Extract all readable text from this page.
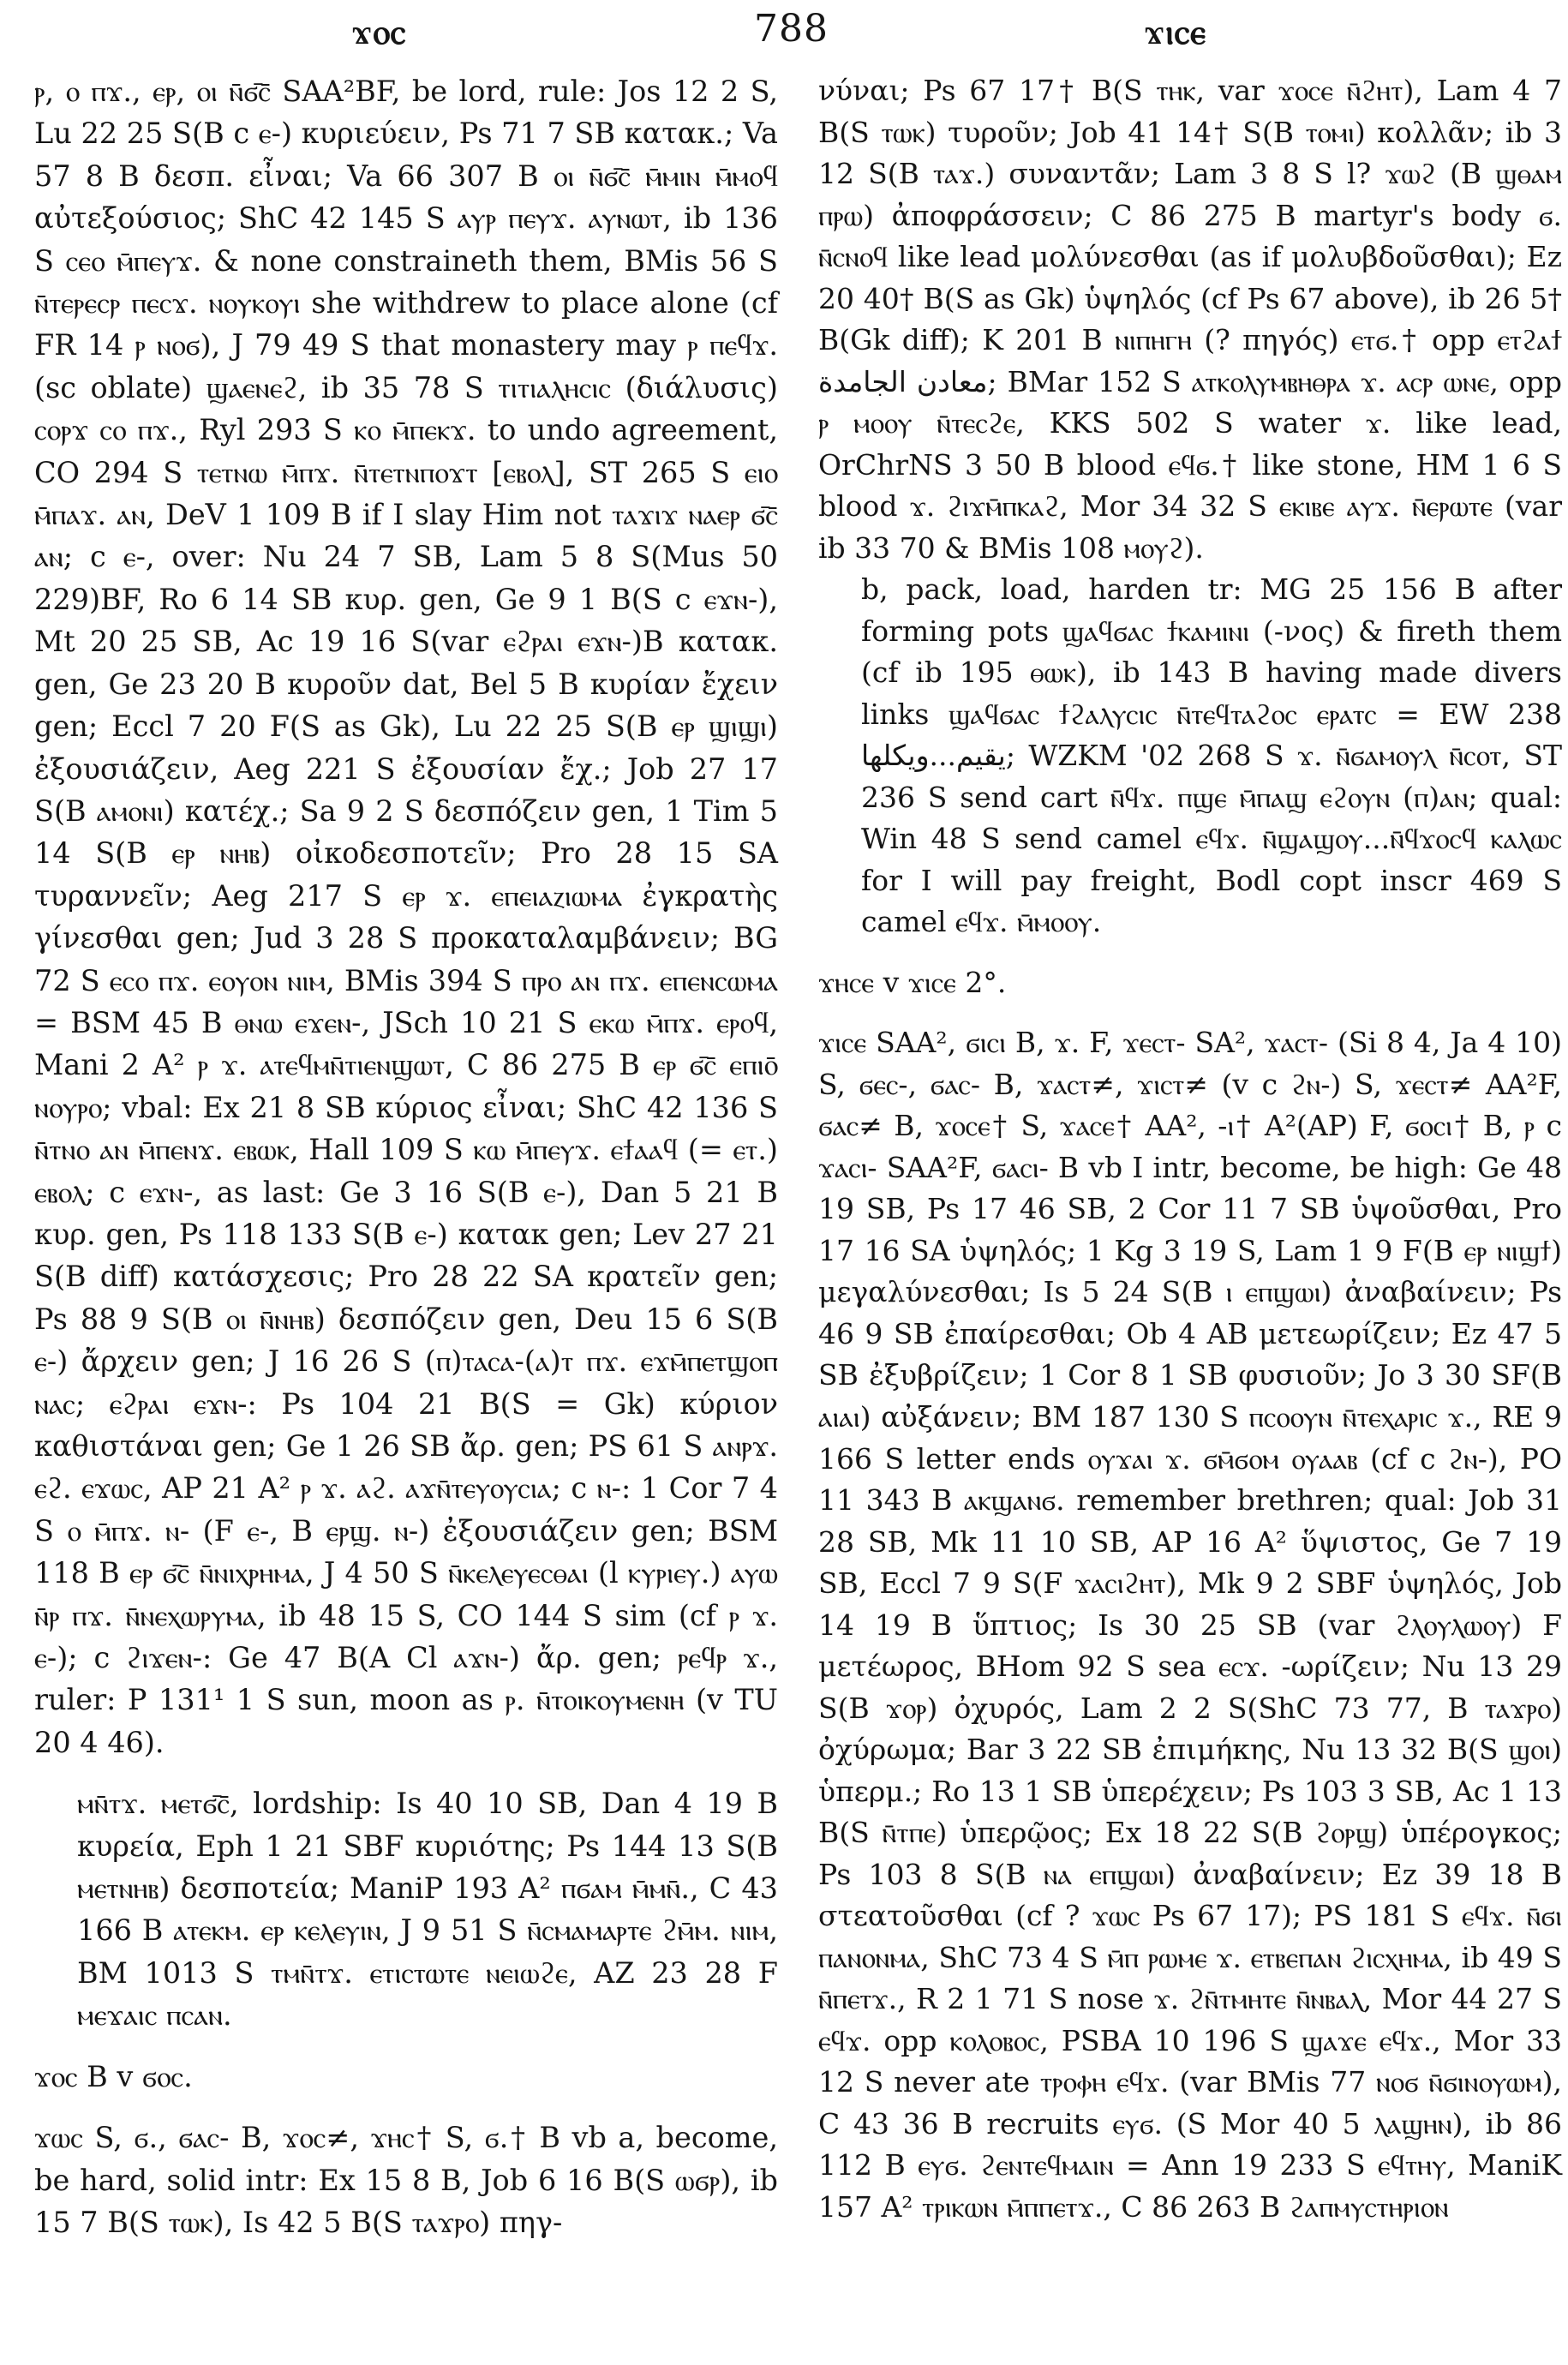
ϫⲟⲥ	788	ϫⲓⲥⲉ

ⲣ, ⲟ ⲡϫ., ⲉⲣ, ⲟⲓ ⲛ̄ϭ̄ⲥ̄ SAA²BF, be lord, rule: Jos 12 2 S, Lu 22 25 S(B c ⲉ-) κυριεύειν, Ps 71 7 SB κατακ.; Va 57 8 B δεσπ. εἶναι; Va 66 307 B ⲟⲓ ⲛ̄ϭ̄ⲥ̄ ⲙ̄ⲙⲓⲛ ⲙ̄ⲙⲟϥ αὐτεξούσιος; ShC 42 145 S ⲁⲩⲣ ⲡⲉⲩϫ. ⲁⲩⲛⲱⲧ, ib 136 S ⲥⲉⲟ ⲙ̄ⲡⲉⲩϫ. & none constraineth them, BMis 56 S ⲛ̄ⲧⲉⲣⲉⲥⲣ ⲡⲉⲥϫ. ⲛⲟⲩⲕⲟⲩⲓ she withdrew to place alone (cf FR 14 ⲣ ⲛⲟϭ), J 79 49 S that monastery may ⲣ ⲡⲉϥϫ. (sc oblate) ϣⲁⲉⲛⲉϩ, ib 35 78 S ⲧⲓⲧⲓⲁⲗⲏⲥⲓⲥ (διάλυσις) ⲥⲟⲣϫ ⲥⲟ ⲡϫ., Ryl 293 S ⲕⲟ ⲙ̄ⲡⲉⲕϫ. to undo agreement, CO 294 S ⲧⲉⲧⲛⲱ ⲙ̄ⲡϫ. ⲛ̄ⲧⲉⲧⲛⲡⲟϫⲧ [ⲉⲃⲟⲗ], ST 265 S ⲉⲓⲟ ⲙ̄ⲡⲁϫ. ⲁⲛ, DeV 1 109 B if I slay Him not ⲧⲁϫⲓϫ ⲛⲁⲉⲣ ϭ̄ⲥ̄ ⲁⲛ; c ⲉ-, over: Nu 24 7 SB, Lam 5 8 S(Mus 50 229)BF, Ro 6 14 SB κυρ. gen, Ge 9 1 B(S c ⲉϫⲛ-), Mt 20 25 SB, Ac 19 16 S(var ⲉϩⲣⲁⲓ ⲉϫⲛ-)B κατακ. gen, Ge 23 20 B κυροῦν dat, Bel 5 B κυρίαν ἔχειν gen; Eccl 7 20 F(S as Gk), Lu 22 25 S(B ⲉⲣ ϣⲓϣⲓ) ἐξουσιάζειν, Aeg 221 S ἐξουσίαν ἔχ.; Job 27 17 S(B ⲁⲙⲟⲛⲓ) κατέχ.; Sa 9 2 S δεσπόζειν gen, 1 Tim 5 14 S(B ⲉⲣ ⲛⲏⲃ) οἰκοδεσποτεῖν; Pro 28 15 SA τυραννεῖν; Aeg 217 S ⲉⲣ ϫ. ⲉⲡⲉⲓⲁⲍⲓⲱⲙⲁ ἐγκρατὴς γίνεσθαι gen; Jud 3 28 S προκαταλαμβάνειν; BG 72 S ⲉⲥⲟ ⲡϫ. ⲉⲟⲩⲟⲛ ⲛⲓⲙ, BMis 394 S ⲡⲣⲟ ⲁⲛ ⲡϫ. ⲉⲡⲉⲛⲥⲱⲙⲁ = BSM 45 B ⲑⲛⲱ ⲉϫⲉⲛ-, JSch 10 21 S ⲉⲕⲱ ⲙ̄ⲡϫ. ⲉⲣⲟϥ, Mani 2 A² ⲣ ϫ. ⲁⲧⲉϥⲙⲛ̄ⲧⲓⲉⲛϣⲱⲧ, C 86 275 B ⲉⲣ ϭ̄ⲥ̄ ⲉⲡⲓⲟ̄ ⲛⲟⲩⲣⲟ; vbal: Ex 21 8 SB κύριος εἶναι; ShC 42 136 S ⲛ̄ⲧⲛⲟ ⲁⲛ ⲙ̄ⲡⲉⲛϫ. ⲉⲃⲱⲕ, Hall 109 S ⲕⲱ ⲙ̄ⲡⲉⲩϫ. ⲉϯⲁⲁϥ (= ⲉⲧ.) ⲉⲃⲟⲗ; c ⲉϫⲛ-, as last: Ge 3 16 S(B ⲉ-), Dan 5 21 B κυρ. gen, Ps 118 133 S(B ⲉ-) κατακ gen; Lev 27 21 S(B diff) κατάσχεσις; Pro 28 22 SA κρατεῖν gen; Ps 88 9 S(B ⲟⲓ ⲛ̄ⲛⲏⲃ) δεσπόζειν gen, Deu 15 6 S(B ⲉ-) ἄρχειν gen; J 16 26 S (ⲡ)ⲧⲁⲥⲁ-(ⲁ)ⲧ ⲡϫ. ⲉϫⲙ̄ⲡⲉⲧϣⲟⲡ ⲛⲁⲥ; ⲉϩⲣⲁⲓ ⲉϫⲛ-: Ps 104 21 B(S = Gk) κύριον καθιστάναι gen; Ge 1 26 SB ἄρ. gen; PS 61 S ⲁⲛⲣϫ. ⲉϩ. ⲉϫⲱⲥ, AP 21 A² ⲣ ϫ. ⲁϩ. ⲁϫⲛ̄ⲧⲉⲩⲟⲩⲥⲓⲁ; c ⲛ-: 1 Cor 7 4 S ⲟ ⲙ̄ⲡϫ. ⲛ- (F ⲉ-, B ⲉⲣϣ. ⲛ-) ἐξουσιάζειν gen; BSM 118 B ⲉⲣ ϭ̄ⲥ̄ ⲛ̄ⲛⲓⲭⲣⲏⲙⲁ, J 4 50 S ⲛ̄ⲕⲉⲗⲉⲩⲉⲥⲑⲁⲓ (l ⲕⲩⲣⲓⲉⲩ.) ⲁⲩⲱ ⲛ̄ⲣ ⲡϫ. ⲛ̄ⲛⲉⲭⲱⲣⲩⲙⲁ, ib 48 15 S, CO 144 S sim (cf ⲣ ϫ. ⲉ-); c ϩⲓϫⲉⲛ-: Ge 47 B(A Cl ⲁϫⲛ-) ἄρ. gen; ⲣⲉϥⲣ ϫ., ruler: P 131¹ 1 S sun, moon as ⲣ. ⲛ̄ⲧⲟⲓⲕⲟⲩⲙⲉⲛⲏ (v TU 20 4 46).

ⲙⲛ̄ⲧϫ. ⲙⲉⲧϭ̄ⲥ̄, lordship: Is 40 10 SB, Dan 4 19 B κυρεία, Eph 1 21 SBF κυριότης; Ps 144 13 S(B ⲙⲉⲧⲛⲏⲃ) δεσποτεία; ManiP 193 A² ⲡϭⲁⲙ ⲙ̄ⲙⲛ̄., C 43 166 B ⲁⲧⲉⲕⲙ. ⲉⲣ ⲕⲉⲗⲉⲩⲓⲛ, J 9 51 S ⲛ̄ⲥⲙⲁⲙⲁⲣⲧⲉ ϩⲙ̄ⲙ. ⲛⲓⲙ, BM 1013 S ⲧⲙⲛ̄ⲧϫ. ⲉⲧⲓⲥⲧⲱⲧⲉ ⲛⲉⲓⲱϩⲉ, AZ 23 28 F ⲙⲉϫⲁⲓⲥ ⲡⲥⲁⲛ.

ϫⲟⲥ B v ϭⲟⲥ.

ϫⲱⲥ S, ϭ., ϭⲁⲥ- B, ϫⲟⲥ≠, ϫⲏⲥ† S, ϭ.† B vb a, become, be hard, solid intr: Ex 15 8 B, Job 6 16 B(S ⲱϭⲣ), ib 15 7 B(S ⲧⲱⲕ), Is 42 5 B(S ⲧⲁϫⲣⲟ) πηγ-

νύναι; Ps 67 17† B(S ⲧⲏⲕ, var ϫⲟⲥⲉ ⲛ̄ϩⲏⲧ), Lam 4 7 B(S ⲧⲱⲕ) τυροῦν; Job 41 14† S(B ⲧⲟⲙⲓ) κολλᾶν; ib 3 12 S(B ⲧⲁϫ.) συναντᾶν; Lam 3 8 S l? ϫⲱϩ (B ϣⲑⲁⲙ ⲡⲣⲱ) ἀποφράσσειν; C 86 275 B martyr's body ϭ. ⲛ̄ⲥⲛⲟϥ like lead μολύνεσθαι (as if μολυβδοῦσθαι); Ez 20 40† B(S as Gk) ὑψηλός (cf Ps 67 above), ib 26 5† B(Gk diff); K 201 B ⲛⲓⲡⲏⲅⲏ (? πηγός) ⲉⲧϭ.† opp ⲉⲧϩⲁϯ معادن الجامدة; BMar 152 S ⲁⲧⲕⲟⲗⲩⲙⲃⲏⲑⲣⲁ ϫ. ⲁⲥⲣ ⲱⲛⲉ, opp ⲣ ⲙⲟⲟⲩ ⲛ̄ⲧⲉⲥϩⲉ, KKS 502 S water ϫ. like lead, OrChrNS 3 50 B blood ⲉϥϭ.† like stone, HM 1 6 S blood ϫ. ϩⲓϫⲙ̄ⲡⲕⲁϩ, Mor 34 32 S ⲉⲕⲓⲃⲉ ⲁⲩϫ. ⲛ̄ⲉⲣⲱⲧⲉ (var ib 33 70 & BMis 108 ⲙⲟⲩϩ).

b, pack, load, harden tr: MG 25 156 B after forming pots ϣⲁϥϭⲁⲥ ϯⲕⲁⲙⲓⲛⲓ (-νος) & fireth them (cf ib 195 ⲑⲱⲕ), ib 143 B having made divers links ϣⲁϥϭⲁⲥ ϯϩⲁⲗⲩⲥⲓⲥ ⲛ̄ⲧⲉϥⲧⲁϩⲟⲥ ⲉⲣⲁⲧⲥ = EW 238 يقيم...ويكلها; WZKM '02 268 S ϫ. ⲛ̄ϭⲁⲙⲟⲩⲗ ⲛ̄ⲥⲟⲧ, ST 236 S send cart ⲛ̄ϥϫ. ⲡϣⲉ ⲙ̄ⲡⲁϣ ⲉϩⲟⲩⲛ (ⲡ)ⲁⲛ; qual: Win 48 S send camel ⲉϥϫ. ⲛ̄ϣⲁϣⲟⲩ...ⲛ̄ϥϫⲟⲥϥ ⲕⲁⲗⲱⲥ for I will pay freight, Bodl copt inscr 469 S camel ⲉϥϫ. ⲙ̄ⲙⲟⲟⲩ.

ϫⲏⲥⲉ v ϫⲓⲥⲉ 2°.

ϫⲓⲥⲉ SAA², ϭⲓⲥⲓ B, ϫ. F, ϫⲉⲥⲧ- SA², ϫⲁⲥⲧ- (Si 8 4, Ja 4 10) S, ϭⲉⲥ-, ϭⲁⲥ- B, ϫⲁⲥⲧ≠, ϫⲓⲥⲧ≠ (v c ϩⲛ-) S, ϫⲉⲥⲧ≠ AA²F, ϭⲁⲥ≠ B, ϫⲟⲥⲉ† S, ϫⲁⲥⲉ† AA², -ⲓ† A²(AP) F, ϭⲟⲥⲓ† B, ⲣ c ϫⲁⲥⲓ- SAA²F, ϭⲁⲥⲓ- B vb I intr, become, be high: Ge 48 19 SB, Ps 17 46 SB, 2 Cor 11 7 SB ὑψοῦσθαι, Pro 17 16 SA ὑψηλός; 1 Kg 3 19 S, Lam 1 9 F(B ⲉⲣ ⲛⲓϣϯ) μεγαλύνεσθαι; Is 5 24 S(B ⲓ ⲉⲡϣⲱⲓ) ἀναβαίνειν; Ps 46 9 SB ἐπαίρεσθαι; Ob 4 AB μετεωρίζειν; Ez 47 5 SB ἐξυβρίζειν; 1 Cor 8 1 SB φυσιοῦν; Jo 3 30 SF(B ⲁⲓⲁⲓ) αὐξάνειν; BM 187 130 S ⲡⲥⲟⲟⲩⲛ ⲛ̄ⲧⲉⲭⲁⲣⲓⲥ ϫ., RE 9 166 S letter ends ⲟⲩϫⲁⲓ ϫ. ϭⲙ̄ϭⲟⲙ ⲟⲩⲁⲁⲃ (cf c ϩⲛ-), PO 11 343 B ⲁⲕϣⲁⲛϭ. remember brethren; qual: Job 31 28 SB, Mk 11 10 SB, AP 16 A² ὕψιστος, Ge 7 19 SB, Eccl 7 9 S(F ϫⲁⲥⲓϩⲏⲧ), Mk 9 2 SBF ὑψηλός, Job 14 19 B ὕπτιος; Is 30 25 SB (var ϩⲗⲟⲩⲗⲱⲟⲩ) F μετέωρος, BHom 92 S sea ⲉⲥϫ. -ωρίζειν; Nu 13 29 S(B ϫⲟⲣ) ὀχυρός, Lam 2 2 S(ShC 73 77, B ⲧⲁϫⲣⲟ) ὀχύρωμα; Bar 3 22 SB ἐπιμήκης, Nu 13 32 B(S ϣⲟⲓ) ὑπερμ.; Ro 13 1 SB ὑπερέχειν; Ps 103 3 SB, Ac 1 13 B(S ⲛ̄ⲧⲡⲉ) ὑπερῷος; Ex 18 22 S(B ϩⲟⲣϣ) ὑπέρογκος; Ps 103 8 S(B ⲛⲁ ⲉⲡϣⲱⲓ) ἀναβαίνειν; Ez 39 18 B στεατοῦσθαι (cf ? ϫⲱⲥ Ps 67 17); PS 181 S ⲉϥϫ. ⲛ̄ϭⲓ ⲡⲁⲛⲟⲛⲙⲁ, ShC 73 4 S ⲙ̄ⲡ ⲣⲱⲙⲉ ϫ. ⲉⲧⲃⲉⲡⲁⲛ ϩⲓⲥⲭⲏⲙⲁ, ib 49 S ⲛ̄ⲡⲉⲧϫ., R 2 1 71 S nose ϫ. ϩⲛ̄ⲧⲙⲏⲧⲉ ⲛ̄ⲛⲃⲁⲗ, Mor 44 27 S ⲉϥϫ. opp ⲕⲟⲗⲟⲃⲟⲥ, PSBA 10 196 S ϣⲁϫⲉ ⲉϥϫ., Mor 33 12 S never ate ⲧⲣⲟⲫⲏ ⲉϥϫ. (var BMis 77 ⲛⲟϭ ⲛ̄ϭⲓⲛⲟⲩⲱⲙ), C 43 36 B recruits ⲉⲩϭ. (S Mor 40 5 ⲗⲁϣⲏⲛ), ib 86 112 B ⲉⲩϭ. ϩⲉⲛⲧⲉϥⲙⲁⲓⲛ = Ann 19 233 S ⲉϥⲧⲏⲩ, ManiK 157 A² ⲧⲣⲓⲕⲱⲛ ⲙ̄ⲡⲡⲉⲧϫ., C 86 263 B ϩⲁⲡⲙⲩⲥⲧⲏⲣⲓⲟⲛ
